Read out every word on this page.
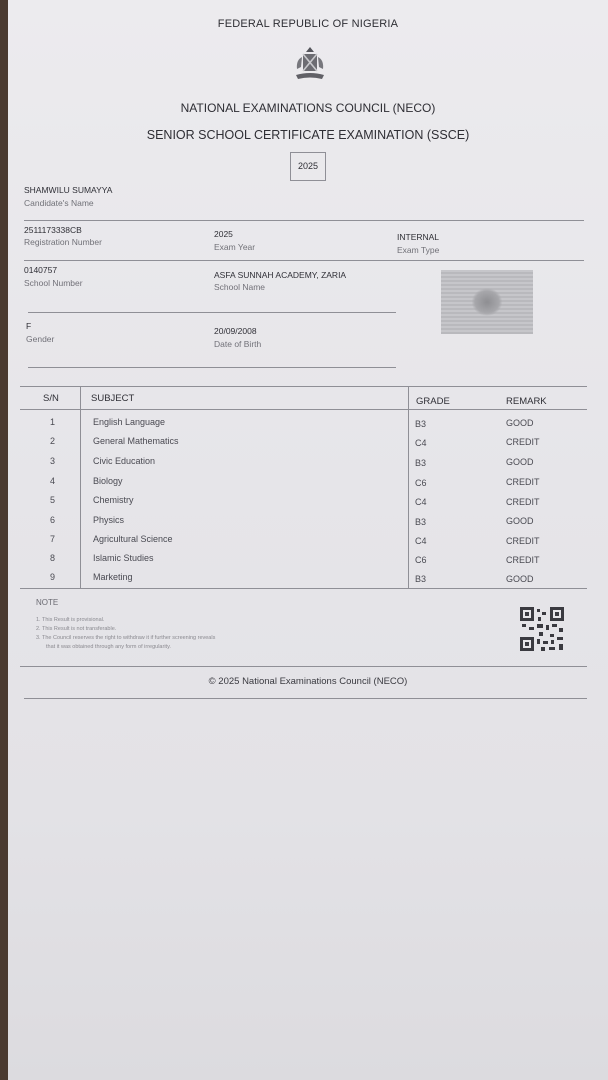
FEDERAL REPUBLIC OF NIGERIA
NATIONAL EXAMINATIONS COUNCIL (NECO)
SENIOR SCHOOL CERTIFICATE EXAMINATION (SSCE)
2025
SHAMWILU SUMAYYA
Candidate's Name
2511173338CB
Registration Number
2025
Exam Year
INTERNAL
Exam Type
0140757
School Number
ASFA SUNNAH ACADEMY, ZARIA
School Name
F
Gender
20/09/2008
Date of Birth
S/N	SUBJECT	GRADE	REMARK
1	English Language	B3	GOOD
2	General Mathematics	C4	CREDIT
3	Civic Education	B3	GOOD
4	Biology	C6	CREDIT
5	Chemistry	C4	CREDIT
6	Physics	B3	GOOD
7	Agricultural Science	C4	CREDIT
8	Islamic Studies	C6	CREDIT
9	Marketing	B3	GOOD
NOTE
1. This Result is provisional.
2. This Result is not transferable.
3. The Council reserves the right to withdraw it if further screening reveals
that it was obtained through any form of irregularity.
© 2025 National Examinations Council (NECO)
